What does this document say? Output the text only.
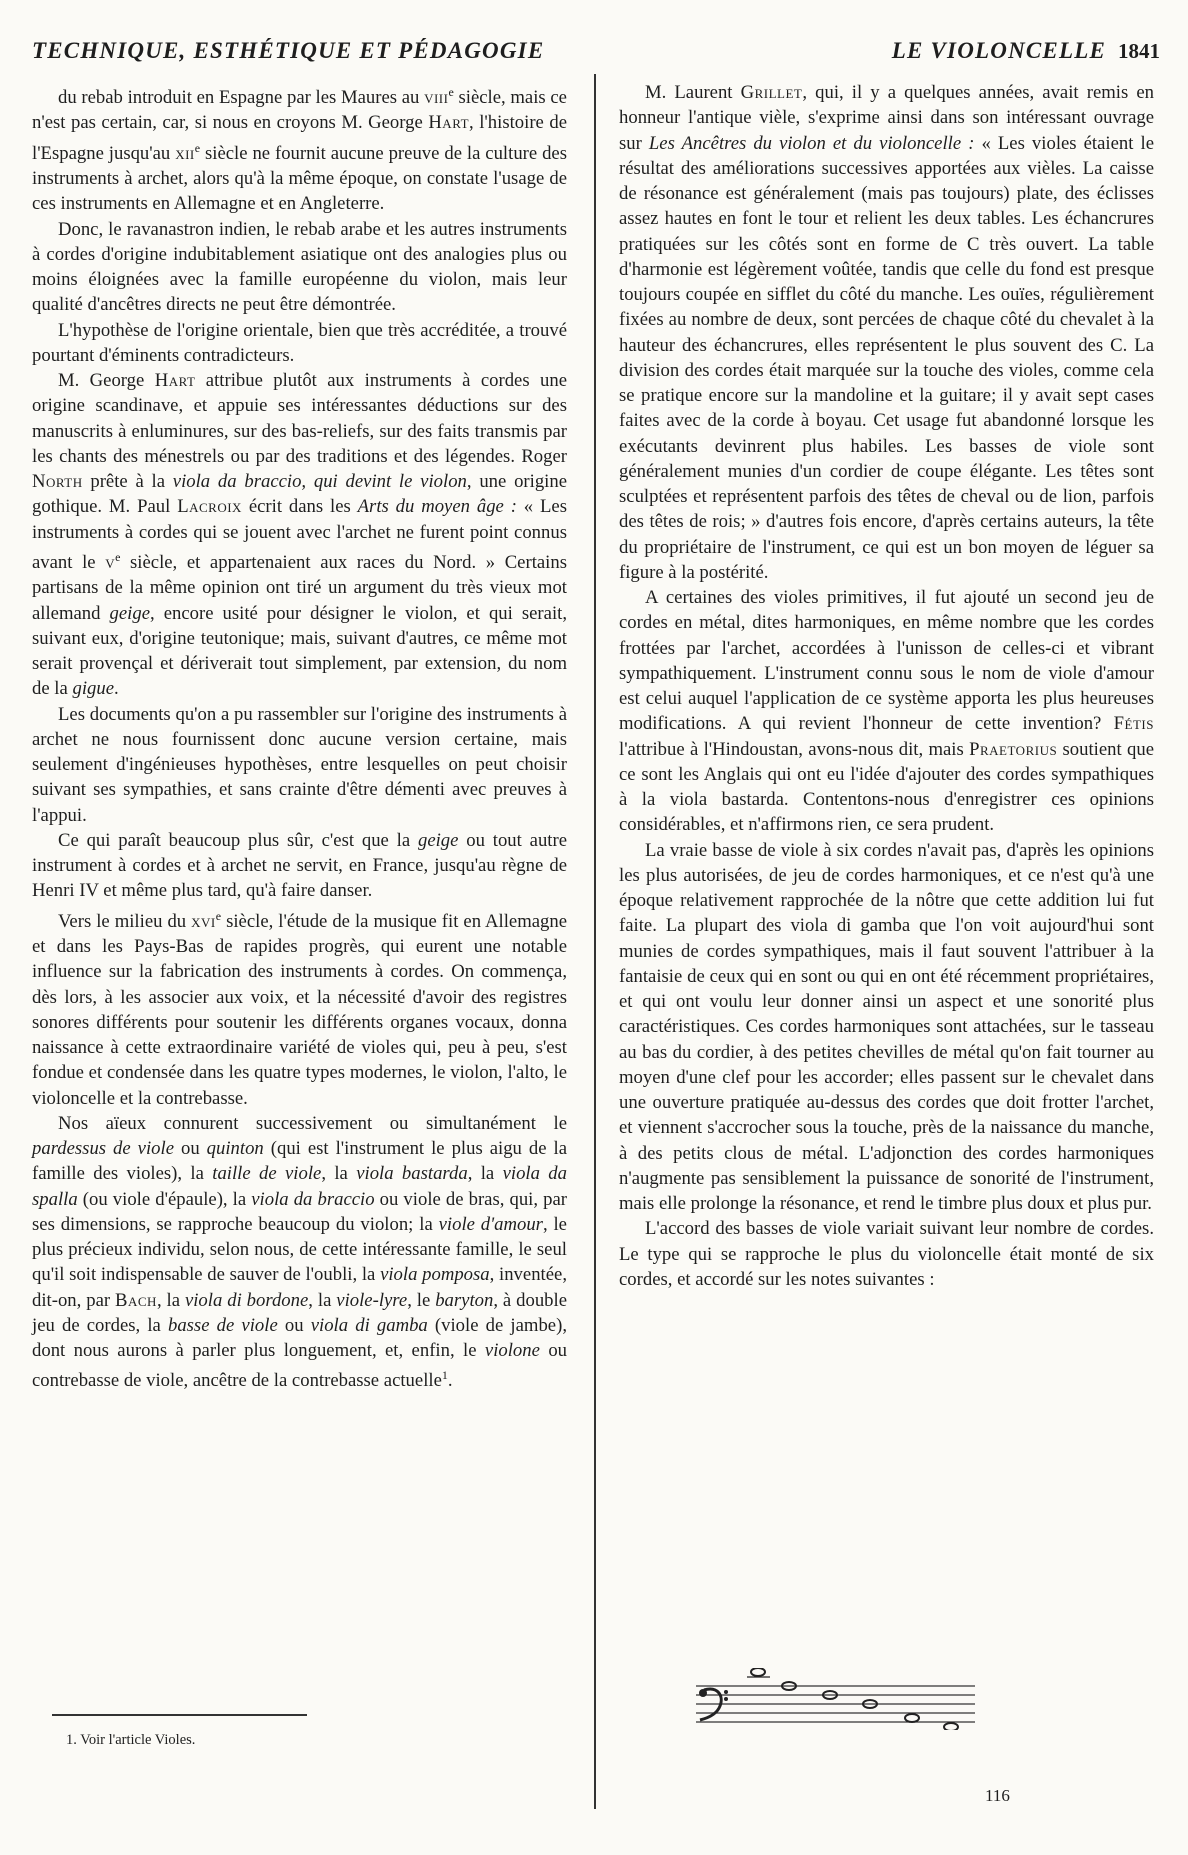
TECHNIQUE, ESTHÉTIQUE ET PÉDAGOGIE	LE VIOLONCELLE 1841

du rebab introduit en Espagne par les Maures au viii$^e$ siècle, mais ce n'est pas certain, car, si nous en croyons M. George Hart, l'histoire de l'Espagne jusqu'au xii$^e$ siècle ne fournit aucune preuve de la culture des instruments à archet, alors qu'à la même époque, on constate l'usage de ces instruments en Allemagne et en Angleterre.

Donc, le ravanastron indien, le rebab arabe et les autres instruments à cordes d'origine indubitablement asiatique ont des analogies plus ou moins éloignées avec la famille européenne du violon, mais leur qualité d'ancêtres directs ne peut être démontrée.

L'hypothèse de l'origine orientale, bien que très accréditée, a trouvé pourtant d'éminents contradicteurs.

M. George Hart attribue plutôt aux instruments à cordes une origine scandinave, et appuie ses intéressantes déductions sur des manuscrits à enluminures, sur des bas-reliefs, sur des faits transmis par les chants des ménestrels ou par des traditions et des légendes. Roger North prête à la viola da braccio, qui devint le violon, une origine gothique. M. Paul Lacroix écrit dans les Arts du moyen âge : « Les instruments à cordes qui se jouent avec l'archet ne furent point connus avant le $v^e$ siècle, et appartenaient aux races du Nord. » Certains partisans de la même opinion ont tiré un argument du très vieux mot allemand geige, encore usité pour désigner le violon, et qui serait, suivant eux, d'origine teutonique; mais, suivant d'autres, ce même mot serait provençal et dériverait tout simplement, par extension, du nom de la gigue.

Les documents qu'on a pu rassembler sur l'origine des instruments à archet ne nous fournissent donc aucune version certaine, mais seulement d'ingénieuses hypothèses, entre lesquelles on peut choisir suivant ses sympathies, et sans crainte d'être démenti avec preuves à l'appui.

Ce qui paraît beaucoup plus sûr, c'est que la geige ou tout autre instrument à cordes et à archet ne servit, en France, jusqu'au règne de Henri IV et même plus tard, qu'à faire danser.

Vers le milieu du xvi$^e$ siècle, l'étude de la musique fit en Allemagne et dans les Pays-Bas de rapides progrès, qui eurent une notable influence sur la fabrication des instruments à cordes. On commença, dès lors, à les associer aux voix, et la nécessité d'avoir des registres sonores différents pour soutenir les différents organes vocaux, donna naissance à cette extraordinaire variété de violes qui, peu à peu, s'est fondue et condensée dans les quatre types modernes, le violon, l'alto, le violoncelle et la contrebasse.

Nos aïeux connurent successivement ou simultanément le pardessus de viole ou quinton (qui est l'instrument le plus aigu de la famille des violes), la taille de viole, la viola bastarda, la viola da spalla (ou viole d'épaule), la viola da braccio ou viole de bras, qui, par ses dimensions, se rapproche beaucoup du violon; la viole d'amour, le plus précieux individu, selon nous, de cette intéressante famille, le seul qu'il soit indispensable de sauver de l'oubli, la viola pomposa, inventée, dit-on, par Bach, la viola di bordone, la viole-lyre, le baryton, à double jeu de cordes, la basse de viole ou viola di gamba (viole de jambe), dont nous aurons à parler plus longuement, et, enfin, le violone ou contrebasse de viole, ancêtre de la contrebasse actuelle$^1$.

M. Laurent Grillet, qui, il y a quelques années, avait remis en honneur l'antique vièle, s'exprime ainsi dans son intéressant ouvrage sur Les Ancêtres du violon et du violoncelle : « Les violes étaient le résultat des améliorations successives apportées aux vièles. La caisse de résonance est généralement (mais pas toujours) plate, des éclisses assez hautes en font le tour et relient les deux tables. Les échancrures pratiquées sur les côtés sont en forme de C très ouvert. La table d'harmonie est légèrement voûtée, tandis que celle du fond est presque toujours coupée en sifflet du côté du manche. Les ouïes, régulièrement fixées au nombre de deux, sont percées de chaque côté du chevalet à la hauteur des échancrures, elles représentent le plus souvent des C. La division des cordes était marquée sur la touche des violes, comme cela se pratique encore sur la mandoline et la guitare; il y avait sept cases faites avec de la corde à boyau. Cet usage fut abandonné lorsque les exécutants devinrent plus habiles. Les basses de viole sont généralement munies d'un cordier de coupe élégante. Les têtes sont sculptées et représentent parfois des têtes de cheval ou de lion, parfois des têtes de rois; » d'autres fois encore, d'après certains auteurs, la tête du propriétaire de l'instrument, ce qui est un bon moyen de léguer sa figure à la postérité.

A certaines des violes primitives, il fut ajouté un second jeu de cordes en métal, dites harmoniques, en même nombre que les cordes frottées par l'archet, accordées à l'unisson de celles-ci et vibrant sympathiquement. L'instrument connu sous le nom de viole d'amour est celui auquel l'application de ce système apporta les plus heureuses modifications. A qui revient l'honneur de cette invention? Fétis l'attribue à l'Hindoustan, avons-nous dit, mais Praetorius soutient que ce sont les Anglais qui ont eu l'idée d'ajouter des cordes sympathiques à la viola bastarda. Contentons-nous d'enregistrer ces opinions considérables, et n'affirmons rien, ce sera prudent.

La vraie basse de viole à six cordes n'avait pas, d'après les opinions les plus autorisées, de jeu de cordes harmoniques, et ce n'est qu'à une époque relativement rapprochée de la nôtre que cette addition lui fut faite. La plupart des viola di gamba que l'on voit aujourd'hui sont munies de cordes sympathiques, mais il faut souvent l'attribuer à la fantaisie de ceux qui en sont ou qui en ont été récemment propriétaires, et qui ont voulu leur donner ainsi un aspect et une sonorité plus caractéristiques. Ces cordes harmoniques sont attachées, sur le tasseau au bas du cordier, à des petites chevilles de métal qu'on fait tourner au moyen d'une clef pour les accorder; elles passent sur le chevalet dans une ouverture pratiquée au-dessus des cordes que doit frotter l'archet, et viennent s'accrocher sous la touche, près de la naissance du manche, à des petits clous de métal. L'adjonction des cordes harmoniques n'augmente pas sensiblement la puissance de sonorité de l'instrument, mais elle prolonge la résonance, et rend le timbre plus doux et plus pur.

L'accord des basses de viole variait suivant leur nombre de cordes. Le type qui se rapproche le plus du violoncelle était monté de six cordes, et accordé sur les notes suivantes :

1. Voir l'article Violes.
116
